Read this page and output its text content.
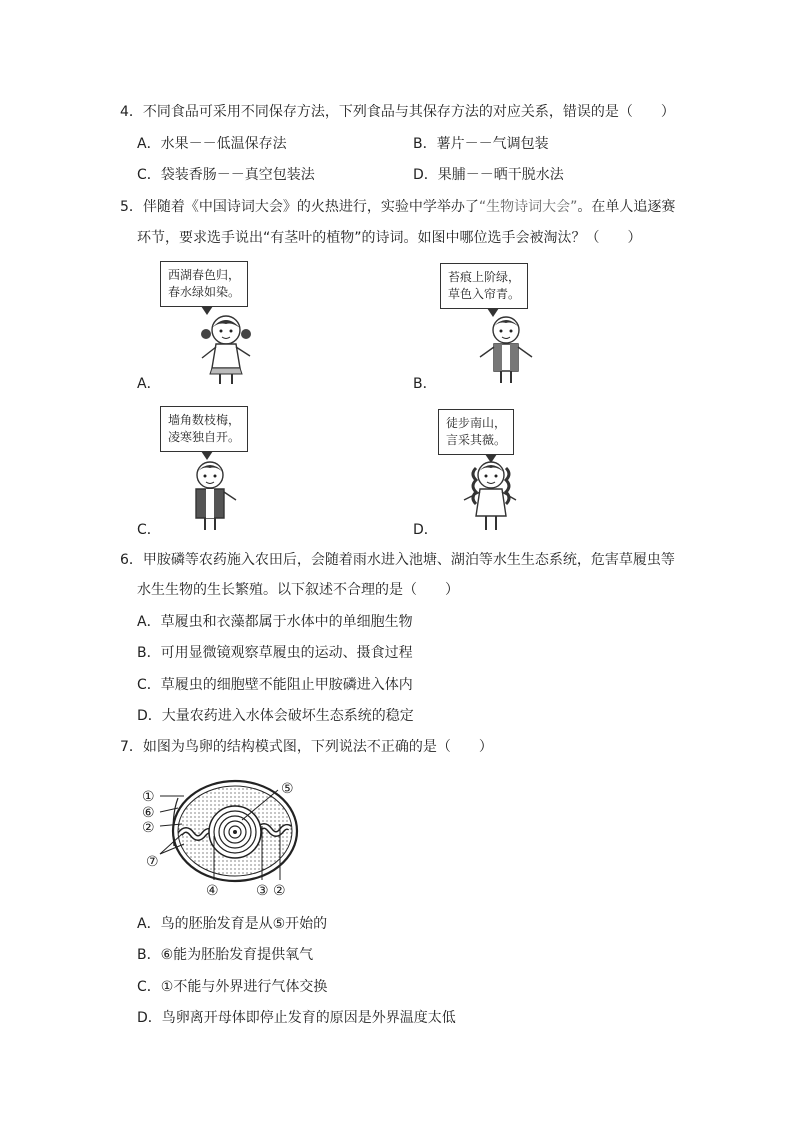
4．不同食品可采用不同保存方法，下列食品与其保存方法的对应关系，错误的是（　　）
A．水果－－低温保存法	B．薯片－－气调包装
C．袋装香肠－－真空包装法	D．果脯－－晒干脱水法
5．伴随着《中国诗词大会》的火热进行，实验中学举办了“生物诗词大会”。在单人追逐赛
环节，要求选手说出“有茎叶的植物”的诗词。如图中哪位选手会被淘汰？（　　）
西湖春色归，
春水绿如染。
A．
苔痕上阶绿，
草色入帘青。
B．
墙角数枝梅，
凌寒独自开。
C．
徒步南山，
言采其薇。
D．
6．甲胺磷等农药施入农田后，会随着雨水进入池塘、湖泊等水生生态系统，危害草履虫等
水生生物的生长繁殖。以下叙述不合理的是（　　）
A．草履虫和衣藻都属于水体中的单细胞生物
B．可用显微镜观察草履虫的运动、摄食过程
C．草履虫的细胞壁不能阻止甲胺磷进入体内
D．大量农药进入水体会破坏生态系统的稳定
7．如图为鸟卵的结构模式图，下列说法不正确的是（　　）
①
⑥
②
⑦
⑤
④	③ ②
A．鸟的胚胎发育是从⑤开始的
B．⑥能为胚胎发育提供氧气
C．①不能与外界进行气体交换
D．鸟卵离开母体即停止发育的原因是外界温度太低
